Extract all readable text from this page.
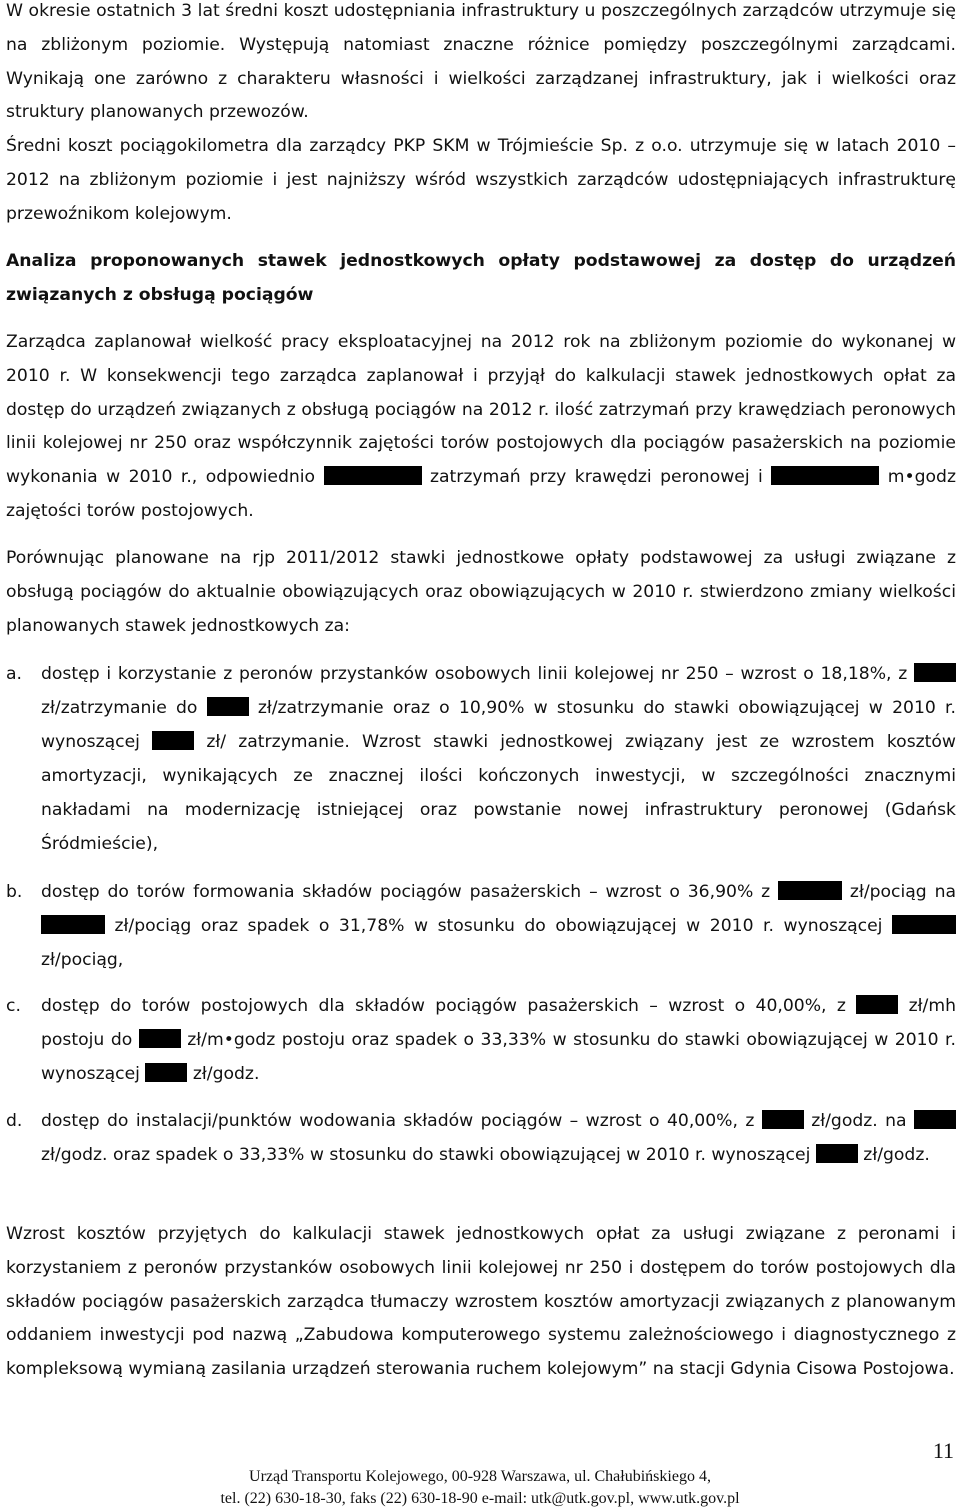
W okresie ostatnich 3 lat średni koszt udostępniania infrastruktury u poszczególnych zarządców utrzymuje się na zbliżonym poziomie. Występują natomiast znaczne różnice pomiędzy poszczególnymi zarządcami. Wynikają one zarówno z charakteru własności i wielkości zarządzanej infrastruktury, jak i wielkości oraz struktury planowanych przewozów.

Średni koszt pociągokilometra dla zarządcy PKP SKM w Trójmieście Sp. z o.o. utrzymuje się w latach 2010 – 2012 na zbliżonym poziomie i jest najniższy wśród wszystkich zarządców udostępniających infrastrukturę przewoźnikom kolejowym.

Analiza proponowanych stawek jednostkowych opłaty podstawowej za dostęp do urządzeń związanych z obsługą pociągów

Zarządca zaplanował wielkość pracy eksploatacyjnej na 2012 rok na zbliżonym poziomie do wykonanej w 2010 r. W konsekwencji tego zarządca zaplanował i przyjął do kalkulacji stawek jednostkowych opłat za dostęp do urządzeń związanych z obsługą pociągów na 2012 r. ilość zatrzymań przy krawędziach peronowych linii kolejowej nr 250 oraz współczynnik zajętości torów postojowych dla pociągów pasażerskich na poziomie wykonania w 2010 r., odpowiednio	zatrzymań przy krawędzi peronowej i	m•godz zajętości torów postojowych.

Porównując planowane na rjp 2011/2012 stawki jednostkowe opłaty podstawowej za usługi związane z obsługą pociągów do aktualnie obowiązujących oraz obowiązujących w 2010 r. stwierdzono zmiany wielkości planowanych stawek jednostkowych za:

a. dostęp i korzystanie z peronów przystanków osobowych linii kolejowej nr 250 – wzrost o 18,18%, z  zł/zatrzymanie do	zł/zatrzymanie oraz o 10,90% w stosunku do stawki obowiązującej w 2010 r. wynoszącej	zł/ zatrzymanie. Wzrost stawki jednostkowej związany jest ze wzrostem kosztów amortyzacji, wynikających ze znacznej ilości kończonych inwestycji, w szczególności znacznymi nakładami na modernizację istniejącej oraz powstanie nowej infrastruktury peronowej (Gdańsk Śródmieście),
b. dostęp do torów formowania składów pociągów pasażerskich – wzrost o 36,90% z	zł/pociąg na  zł/pociąg oraz spadek o 31,78% w stosunku do obowiązującej w 2010 r. wynoszącej  zł/pociąg,
c. dostęp do torów postojowych dla składów pociągów pasażerskich – wzrost o 40,00%, z	zł/mh postoju do	zł/m•godz postoju oraz spadek o 33,33% w stosunku do stawki obowiązującej w 2010 r. wynoszącej	zł/godz.
d. dostęp do instalacji/punktów wodowania składów pociągów – wzrost o 40,00%, z	zł/godz. na  zł/godz. oraz spadek o 33,33% w stosunku do stawki obowiązującej w 2010 r. wynoszącej	zł/godz.

Wzrost kosztów przyjętych do kalkulacji stawek jednostkowych opłat za usługi związane z peronami i korzystaniem z peronów przystanków osobowych linii kolejowej nr 250 i dostępem do torów postojowych dla składów pociągów pasażerskich zarządca tłumaczy wzrostem kosztów amortyzacji związanych z planowanym oddaniem inwestycji pod nazwą „Zabudowa komputerowego systemu zależnościowego i diagnostycznego z kompleksową wymianą zasilania urządzeń sterowania ruchem kolejowym” na stacji Gdynia Cisowa Postojowa.

11
Urząd Transportu Kolejowego, 00-928 Warszawa, ul. Chałubińskiego 4,
tel. (22) 630-18-30, faks (22) 630-18-90 e-mail: utk@utk.gov.pl, www.utk.gov.pl
